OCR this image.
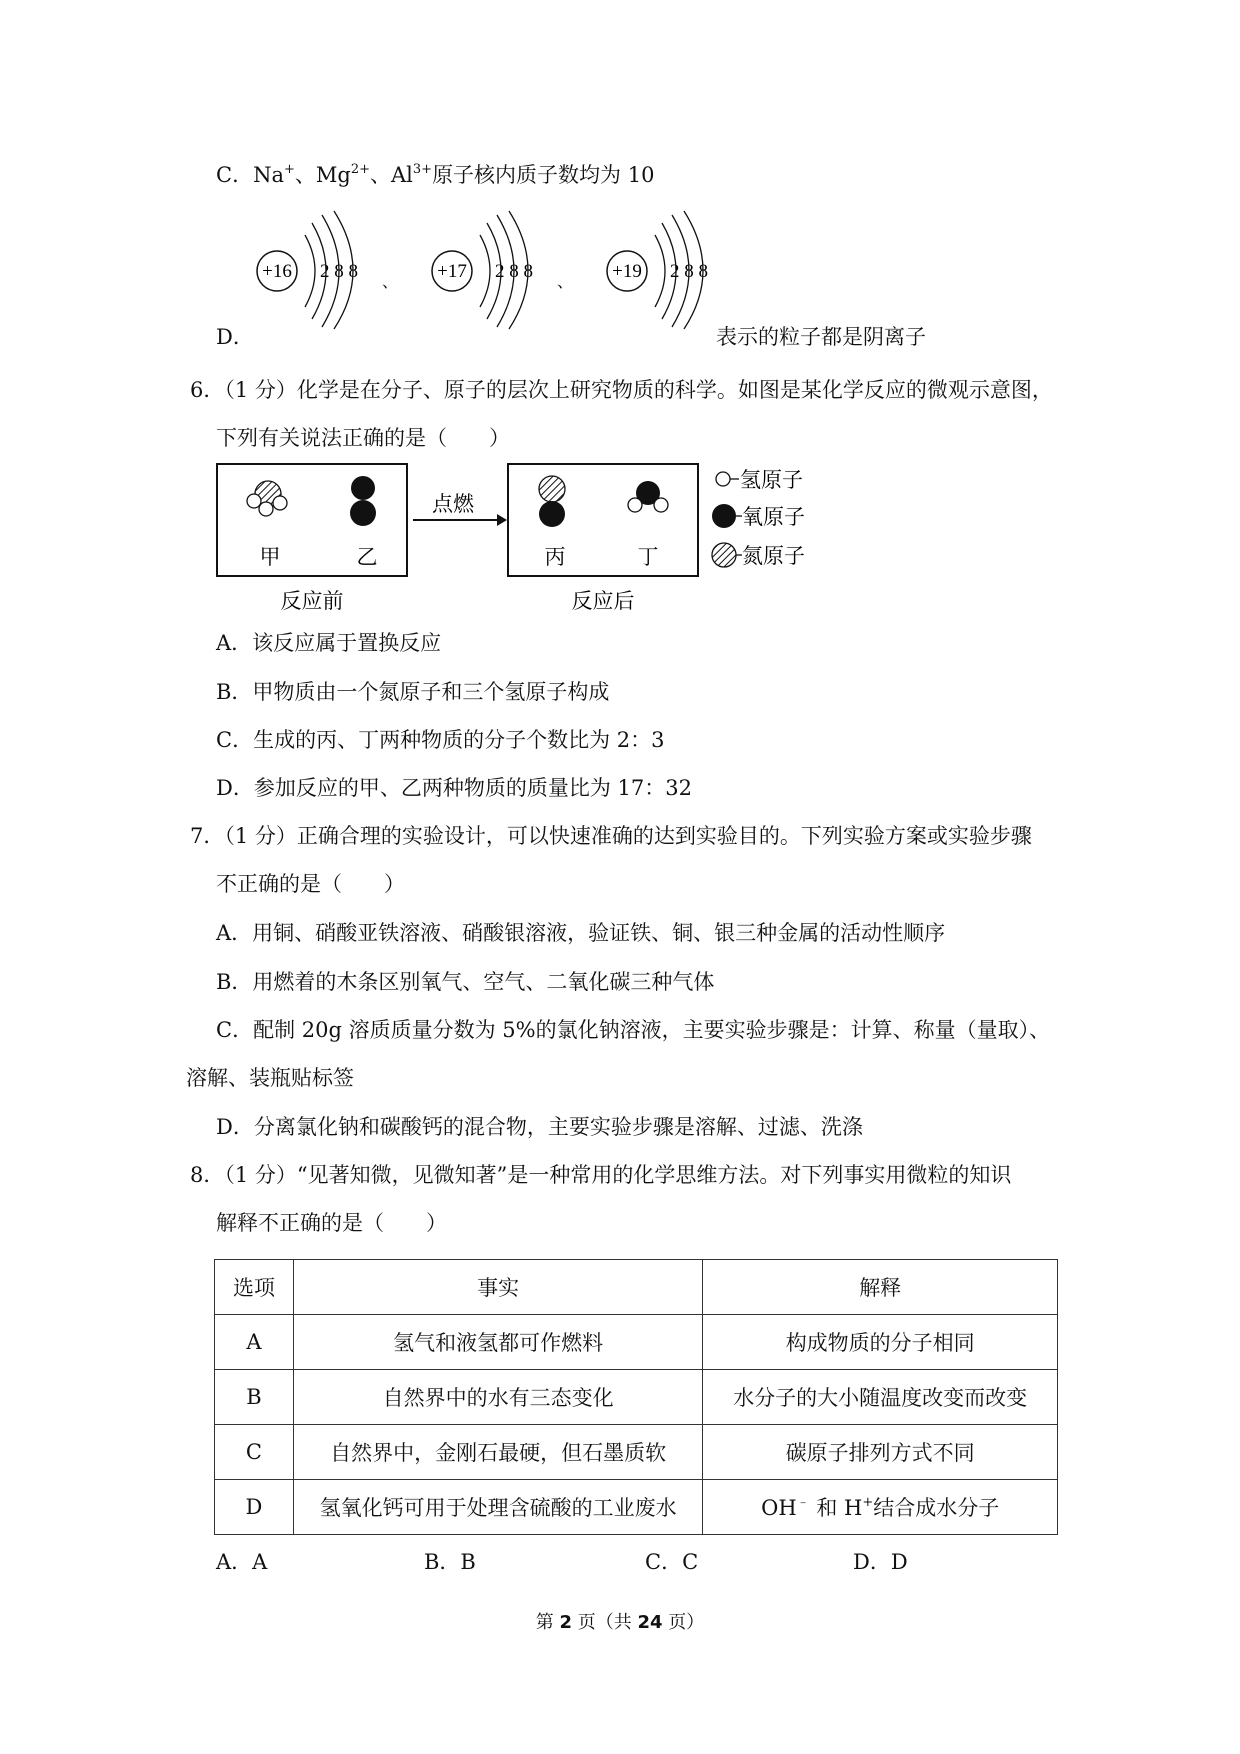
C．Na+、$Mg^{2+}$、$Al^{3+}$原子核内质子数均为 10
+16 2 8 8
、
+17 2 8 8
、
+19 2 8 8
D．	表示的粒子都是阴离子
6．（1 分）化学是在分子、原子的层次上研究物质的科学。如图是某化学反应的微观示意图，
下列有关说法正确的是（　　）
甲	乙
点燃
丙	丁
反应前	反应后
氢原子
氧原子
氮原子
A．该反应属于置换反应
B．甲物质由一个氮原子和三个氢原子构成
C．生成的丙、丁两种物质的分子个数比为 2：3
D．参加反应的甲、乙两种物质的质量比为 17：32
7．（1 分）正确合理的实验设计，可以快速准确的达到实验目的。下列实验方案或实验步骤
不正确的是（　　）
A．用铜、硝酸亚铁溶液、硝酸银溶液，验证铁、铜、银三种金属的活动性顺序
B．用燃着的木条区别氧气、空气、二氧化碳三种气体
C．配制 20g 溶质质量分数为 5%的氯化钠溶液，主要实验步骤是：计算、称量（量取）、
溶解、装瓶贴标签
D．分离氯化钠和碳酸钙的混合物，主要实验步骤是溶解、过滤、洗涤
8．（1 分）“见著知微，见微知著”是一种常用的化学思维方法。对下列事实用微粒的知识
解释不正确的是（　　）
选项	事实	解释
A	氢气和液氢都可作燃料	构成物质的分子相同
B	自然界中的水有三态变化	水分子的大小随温度改变而改变
C	自然界中，金刚石最硬，但石墨质软	碳原子排列方式不同
D	氢氧化钙可用于处理含硫酸的工业废水	OH﹣ 和 H+结合成水分子
A．A	B．B	C．C	D．D
第 2 页（共 24 页）
